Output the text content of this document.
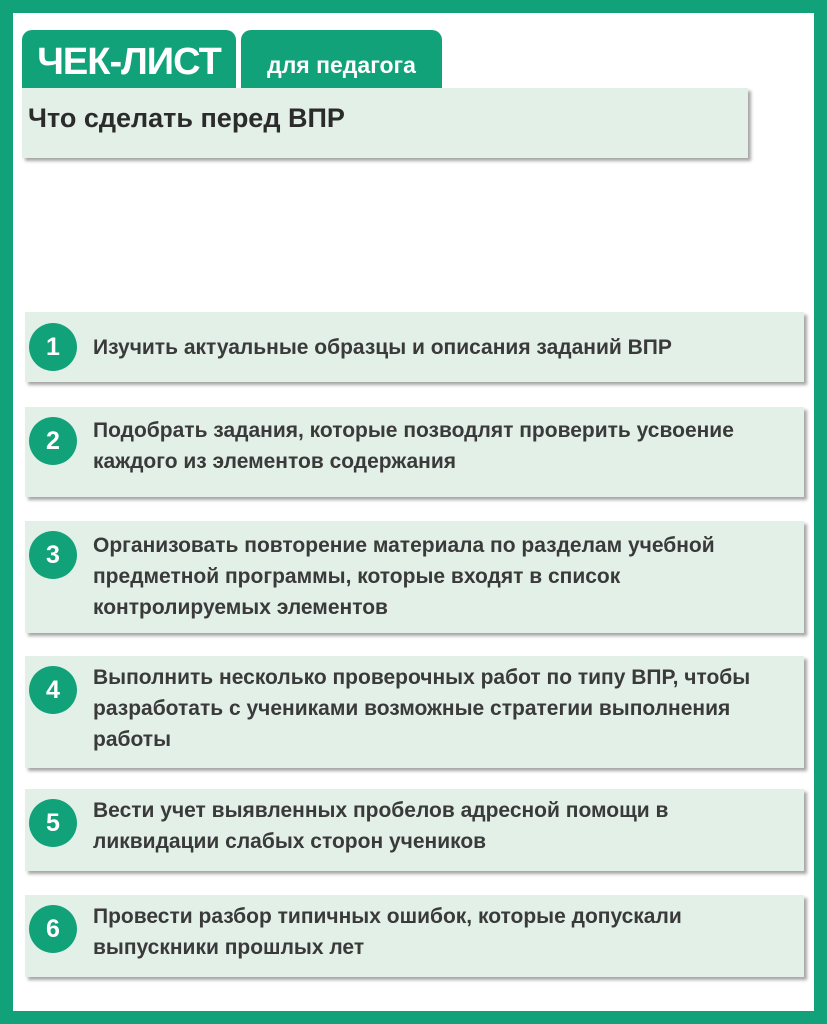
ЧЕК-ЛИСТ для педагога
Что сделать перед ВПР
1	Изучить актуальные образцы и описания заданий ВПР
2	Подобрать задания, которые позводлят проверить усвоение каждого из элементов содержания
3	Организовать повторение материала по разделам учебной предметной программы, которые входят в список контролируемых элементов
4	Выполнить несколько проверочных работ по типу ВПР, чтобы разработать с учениками возможные стратегии выполнения работы
5	Вести учет выявленных пробелов адресной помощи в ликвидации слабых сторон учеников
6	Провести разбор типичных ошибок, которые допускали выпускники прошлых лет
